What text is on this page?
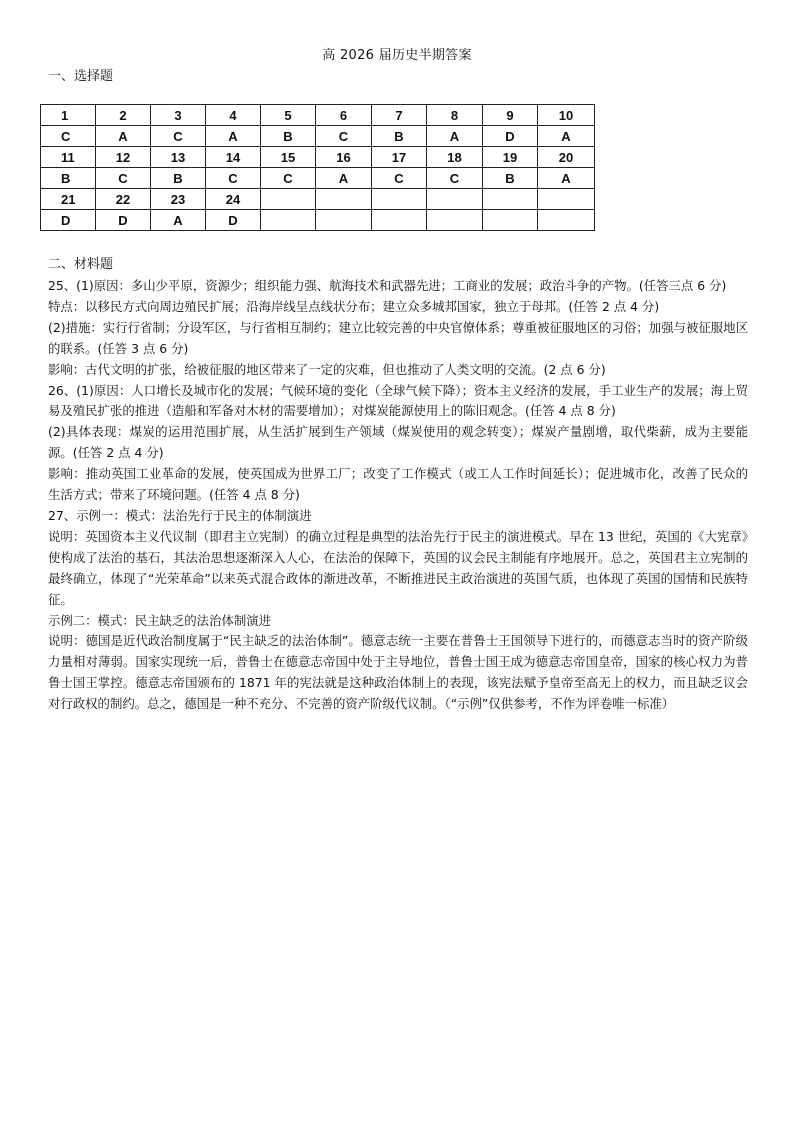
高 2026 届历史半期答案
一、选择题
1	2	3	4	5	6	7	8	9	10
C	A	C	A	B	C	B	A	D	A
11	12	13	14	15	16	17	18	19	20
B	C	B	C	C	A	C	C	B	A
21	22	23	24						
D	D	A	D						
二、材料题

25、(1)原因：多山少平原，资源少；组织能力强、航海技术和武器先进；工商业的发展；政治斗争的产物。(任答三点 6 分)

特点：以移民方式向周边殖民扩展；沿海岸线呈点线状分布；建立众多城邦国家，独立于母邦。(任答 2 点 4 分)

(2)措施：实行行省制；分设军区，与行省相互制约；建立比较完善的中央官僚体系；尊重被征服地区的习俗；加强与被征服地区的联系。(任答 3 点 6 分)

影响：古代文明的扩张，给被征服的地区带来了一定的灾难，但也推动了人类文明的交流。(2 点 6 分)

26、(1)原因：人口增长及城市化的发展；气候环境的变化（全球气候下降）；资本主义经济的发展，手工业生产的发展；海上贸易及殖民扩张的推进（造船和军备对木材的需要增加）；对煤炭能源使用上的陈旧观念。(任答 4 点 8 分)

(2)具体表现：煤炭的运用范围扩展，从生活扩展到生产领域（煤炭使用的观念转变）；煤炭产量剧增，取代柴薪，成为主要能源。(任答 2 点 4 分)

影响：推动英国工业革命的发展，使英国成为世界工厂；改变了工作模式（或工人工作时间延长）；促进城市化，改善了民众的生活方式；带来了环境问题。(任答 4 点 8 分)

27、示例一：模式：法治先行于民主的体制演进

说明：英国资本主义代议制（即君主立宪制）的确立过程是典型的法治先行于民主的演进模式。早在 13 世纪，英国的《大宪章》使构成了法治的基石，其法治思想逐渐深入人心，在法治的保障下，英国的议会民主制能有序地展开。总之，英国君主立宪制的最终确立，体现了“光荣革命”以来英式混合政体的渐进改革，不断推进民主政治演进的英国气质，也体现了英国的国情和民族特征。

示例二：模式：民主缺乏的法治体制演进

说明：德国是近代政治制度属于“民主缺乏的法治体制”。德意志统一主要在普鲁士王国领导下进行的，而德意志当时的资产阶级力量相对薄弱。国家实现统一后，普鲁士在德意志帝国中处于主导地位，普鲁士国王成为德意志帝国皇帝，国家的核心权力为普鲁士国王掌控。德意志帝国颁布的 1871 年的宪法就是这种政治体制上的表现，该宪法赋予皇帝至高无上的权力，而且缺乏议会对行政权的制约。总之，德国是一种不充分、不完善的资产阶级代议制。（“示例”仅供参考，不作为评卷唯一标准）
